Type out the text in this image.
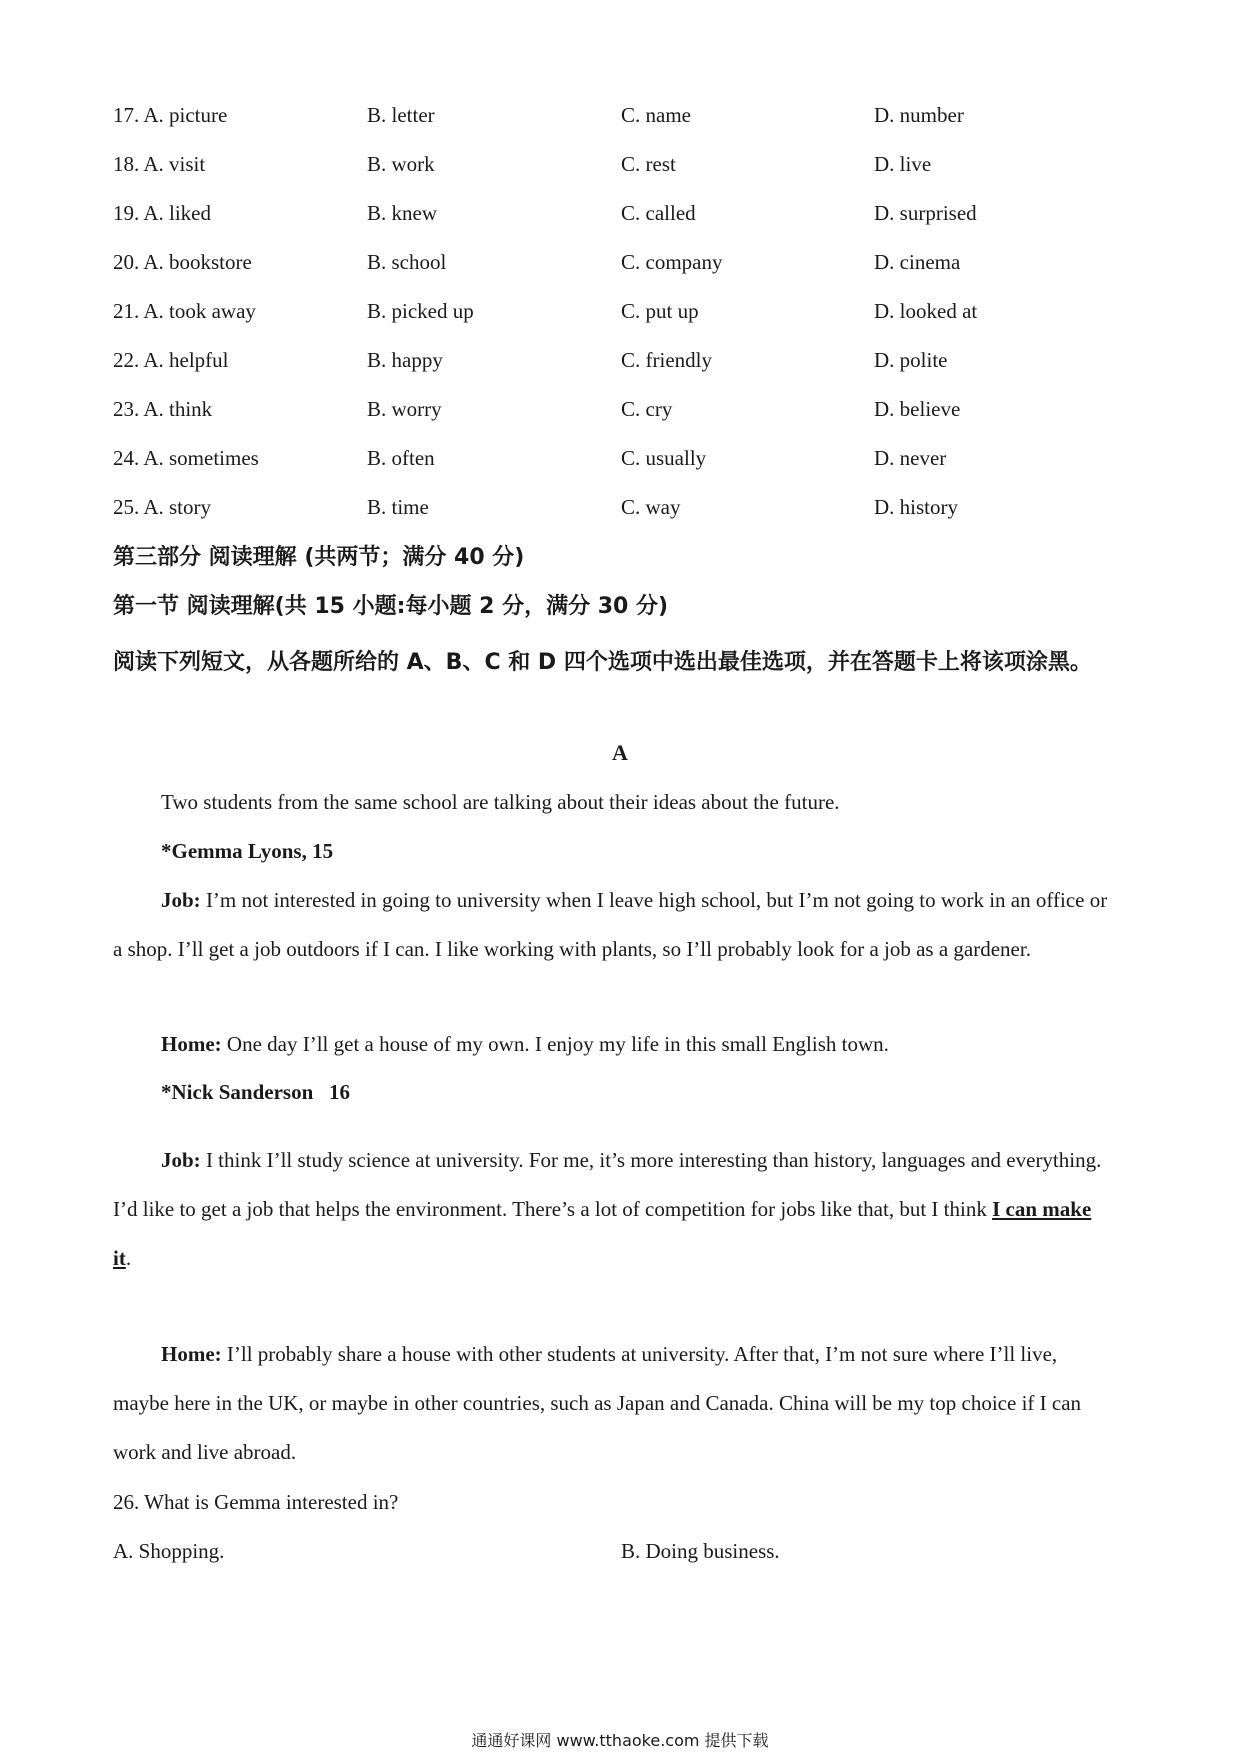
17. A. picture	B. letter	C. name	D. number
18. A. visit	B. work	C. rest	D. live
19. A. liked	B. knew	C. called	D. surprised
20. A. bookstore	B. school	C. company	D. cinema
21. A. took away	B. picked up	C. put up	D. looked at
22. A. helpful	B. happy	C. friendly	D. polite
23. A. think	B. worry	C. cry	D. believe
24. A. sometimes	B. often	C. usually	D. never
25. A. story	B. time	C. way	D. history
第三部分 阅读理解 (共两节；满分 40 分)
第一节 阅读理解(共 15 小题:每小题 2 分，满分 30 分)
阅读下列短文，从各题所给的 A、B、C 和 D 四个选项中选出最佳选项，并在答题卡上将该项涂黑。
A
Two students from the same school are talking about their ideas about the future.
*Gemma Lyons, 15
Job: I’m not interested in going to university when I leave high school, but I’m not going to work in an office or a shop. I’ll get a job outdoors if I can. I like working with plants, so I’ll probably look for a job as a gardener.
Home: One day I’ll get a house of my own. I enjoy my life in this small English town.
*Nick Sanderson   16
Job: I think I’ll study science at university. For me, it’s more interesting than history, languages and everything. I’d like to get a job that helps the environment. There’s a lot of competition for jobs like that, but I think I can make it.
Home: I’ll probably share a house with other students at university. After that, I’m not sure where I’ll live, maybe here in the UK, or maybe in other countries, such as Japan and Canada. China will be my top choice if I can work and live abroad.
26. What is Gemma interested in?
A. Shopping.	B. Doing business.
通通好课网 www.tthaoke.com 提供下载
